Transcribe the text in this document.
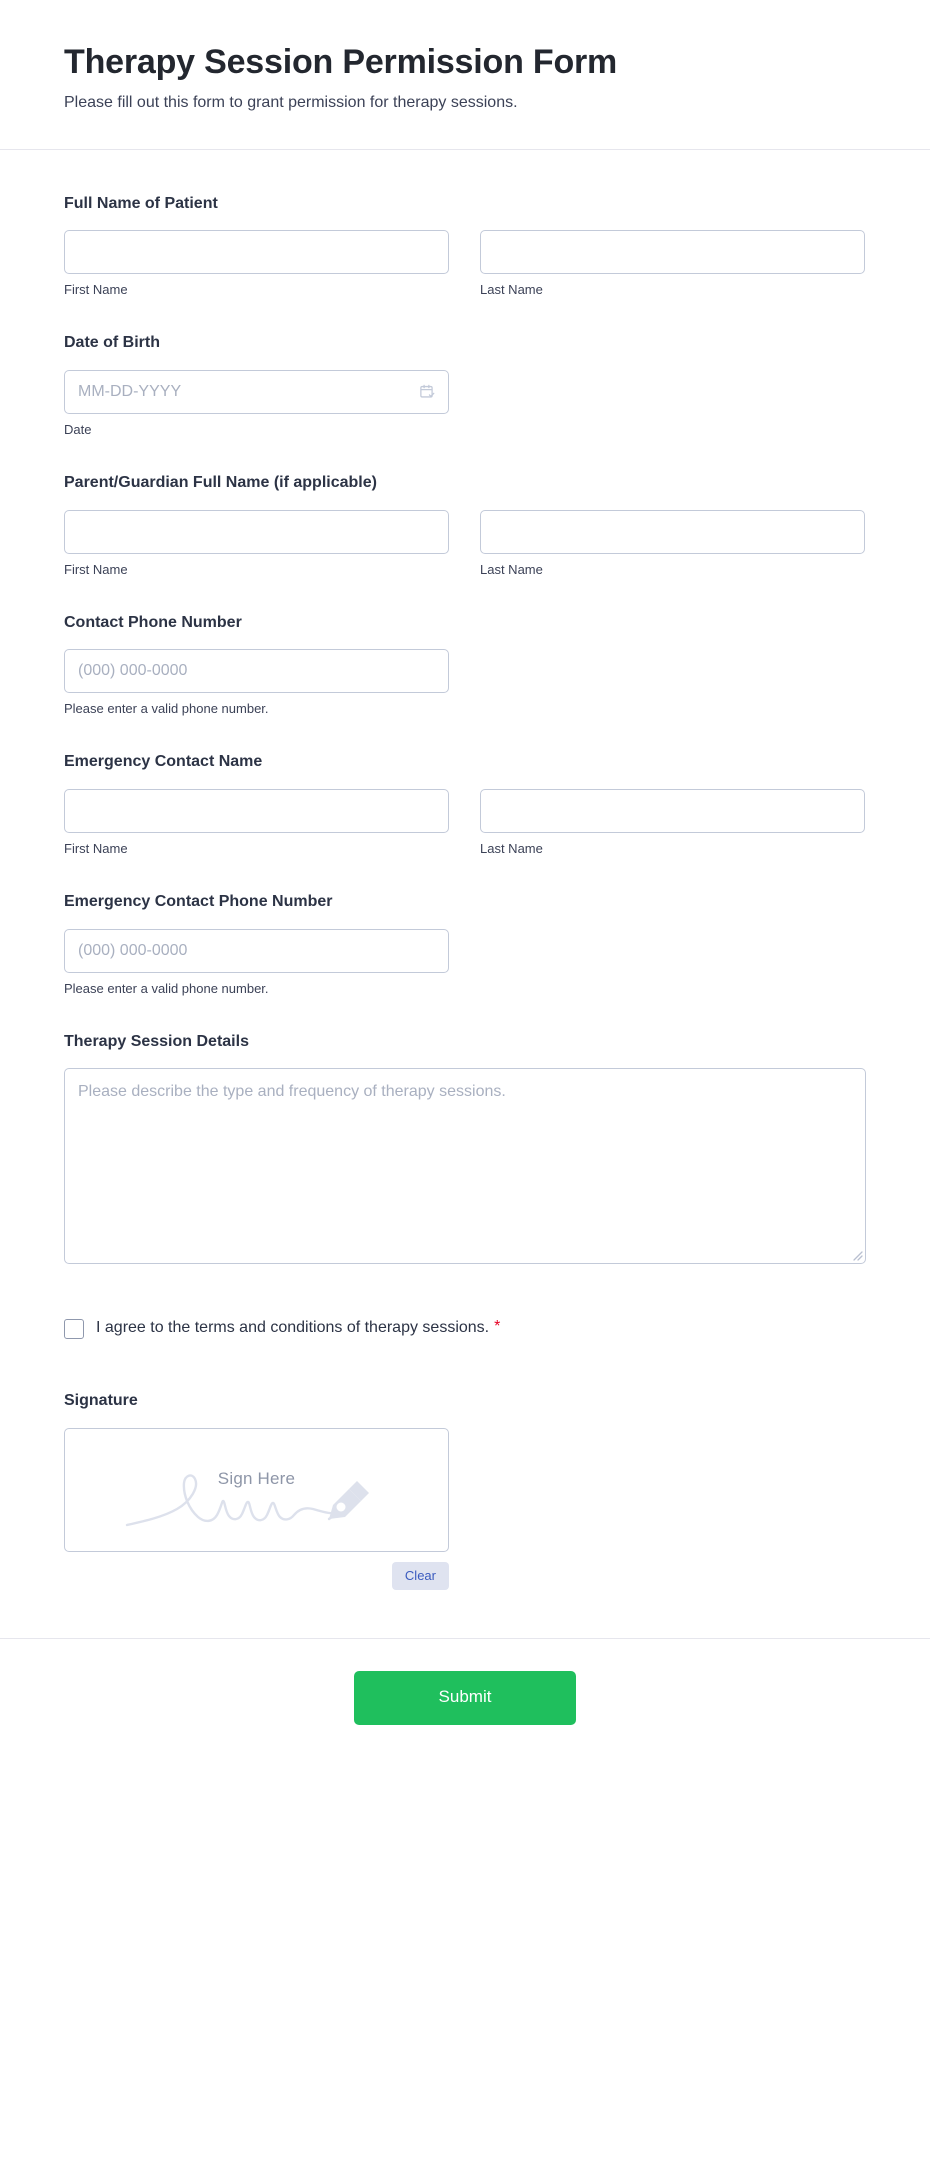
Therapy Session Permission Form

Please fill out this form to grant permission for therapy sessions.

Full Name of Patient
First Name	Last Name
Date of Birth
MM-DD-YYYY
Date
Parent/Guardian Full Name (if applicable)
First Name	Last Name
Contact Phone Number
(000) 000-0000
Please enter a valid phone number.
Emergency Contact Name
First Name	Last Name
Emergency Contact Phone Number
(000) 000-0000
Please enter a valid phone number.
Therapy Session Details
Please describe the type and frequency of therapy sessions.
I agree to the terms and conditions of therapy sessions. *
Signature
Sign Here
Clear
Submit
